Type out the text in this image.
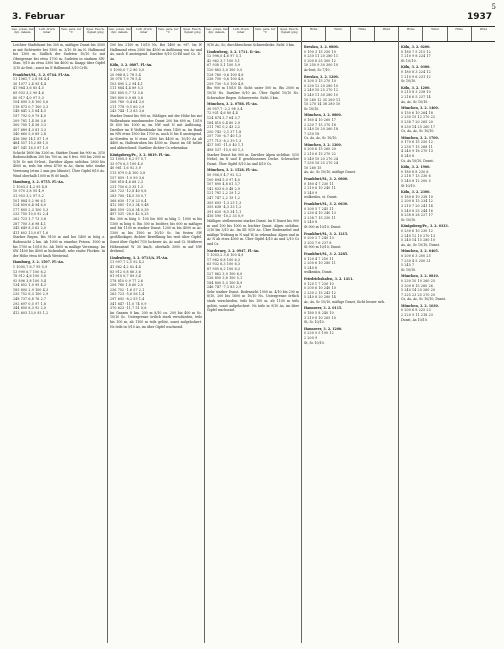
5
3. Februar	1937
Geo- poten- tial dyn. dekam.
Luft- druck mbar
Tem- pera- tur °C
Spez. Feuch- tigkeit g/kg
Leichter Stadtdunst bis 300 m, mäßiger Dunst bis 3500 m mit Sichtweite bei 1500 m. 3/10 St im N. Halbmond bei 1300 m. Südlich der Sudeten 10/10 Sc mit Obergrenze bei etwa 1700 m, Sudeten in starkem SW-Stau. 9/10 As etwa 3300 bis 4600 m. Knapp über Gipfel 3/10 Ac-leut., sonst im E Halbmond 3/10 Ci-Ei.
Frankfurt/M., 3. 2. 0744. Fl.-An.
11 1061,7 2,8 94 4,4
30 1077 2,4 95 4,4
41 964 3,6 85 4,5
65 933 3,2 90 4,6
80 917 4,0 97 5,3
104 890 3,8 100 5,6
118 873 0,7 100 3,3
148 841 2,5 84 4,5
197 792 0,9 79 4,0
209 781 1,4 56 3,6
300 700 1,4 56 3,3
307 689 4,3 81 3,3
340 660 5,0 89 2,8
436 580 14,1 87 1,9
464 557 15,2 88 1,0
487 541 16,5 87 1,0
Schicht 1600 bis 3200 m. Stärker Dunst bis 900 m. 3/10 Bodenschiftcm 200 bis 700 m, im S frei. 900 bis 2000 m 5/10 Sc mit St-leut., Darüber Alpen sichtbar. 2800 bis 4000 m, teils bis etwa 4700 m Ac, darin sehr starke Vereisung (etwa 2 mm pro Minute). Über Gipfel 8/10 As. Wind oberhalb 1000 m W 60 km/h.
Hamburg, 3. 2. 0755. Fl.-An.
1 1003,5 4,2 95 4,8
10 970 3,8 95 4,9
31 953 3,2 97 5,2
101 884 5,2 96 6,1
124 859 6,4 94 6,0
177 805 2,3 100 5,3
233 750 10,0 92 2,4
262 723 1,7 73 3,8
287 700 3,6 98 4,1
345 649 8,3 62 2,0
411 602 13,0 67 1,6
Starker Regen. Bis 9100 m und bei 1400 m böig z. Bodensicht 2 km. Ab 1000 m einzelne Fetzen. 1000 m bis 1700 m 10/10 Sc. Ab 1800 m mäßige Vereisung. Im SW 1400 bis 4000 m lückenhaft, sehr rauhe Flocken. In der Höhe etwa 60 km/h Westwind.
Hamburg, 3. 2. 1507. Fl.-An.
1 1005,7 6,7 95 5,9
13 990 6,7 100 6,2
78 912 4,6 100 5,8
92 896 3,8 100 5,4
134 852 1,0 95 4,3
185 800 2,9 100 4,3
235 752 6,3 100 2,9
248 737 6,8 76 2,7
292 697 0,5 97 1,8
344 650 6,3 92 2,0
412 603 13,0 93 1,2
Geo- poten- tial dyn. dekam.
Luft- druck mbar
Tem- pera- tur °C
Spez. Feuch- tigkeit g/kg
100 bis 2100 m 10/10 Ns. Bei 1400 m +8°. Im W Halbmond etwa 2500 bis 4500 m Auflösung von Ac und As, nach E ansteigend. Darüber 8/10 Ci-Eil und Cs. D.-An.
Köln, 3. 2. 0807. Fl.-An.
5 1005,0 7,2 80 5,0
20 988 8,2 78 5,4
30 978 7,9 78 5,4
103 890 2,2 94 4,1
111 884 4,4 89 5,3
183 805 0,7 73 3,6
189 800 0,0 68 3,6
208 780 -0,4 64 3,0
211 778 -0,1 60 2,9
243 744 -1,3 83 3,6
Starker Dunst bis 900 m, Mäßiger, mit der Höhe bis zur Wolkenbasis zunehmender Dunst 200 bis 600 m. 10/10 St 650 bis 1000 m, im NW und N mit Auflösung. Darüber im E Wolkenbänke bis etwa 1400 m. Im Bank im NW etwa 1500 bis 1700 m, nach N bis E ansteigend. Ac-Streifen in N etwa 3500 bis 4400 m. 10/10 As ab 4400 m, Hallentruhen bis 4500 m. Dunst im SE heller und abbrechend. Darüber dichter Cs erkennbar.
Königsberg/Pr., 3. 2. 0819. Fl.-An.
13 1005,5 6,2 97 5,7
33 970 6,3 100 4,0
40 961 1,6 92 3,9
113 879 0,4 100 3,8
157 859 -1,0 99 3,6
168 818 4,6 68 2,3
231 750 6,3 35 1,3
263 723 -12,8 40 0,8
283 700 -14,5 30 0,7
368 630 -17,8 23 0,4
412 581 -19,3 34 0,48
468 559 -23,6 34 0,39
497 531 -28,0 42 0,25
Bis 300 m böig 5. 100 bis 800 m böig 1. 1000 m bis 1300 m böig 6. Bis 300 m leichter, bis 600 m mäßiger und bis 1100 m starker Dunst. 1200 m bis 4000 m Ac. 1300 m bis 1500 m 10/10 Sc. Im festen SW großflockiger, dichter Bewölkung bis weit über Gipfel. Sonst über Gipfel 7/10 lockerer As, Ac und Ci. Mittlerer Höhenwind W 30 km/h, oberhalb 3000 m auf NW drehend.
Lindenberg, 3. 2. 0713/A. Fl.-An.
11 997,7 2,5 92 4,2
41 962 4,2 82 4,4
83 912 0,8 86 3,6
81 910 0,7 89 3,4
178 810 0,9 77 2,6
208 780 1,8 60 2,0
236 752 -1,6 57 2,1
263 723 -5,6 56 1,4
297 692 -8,2 55 1,4
341 647 -11,0 74 0,9
370 623 -11,7 51 0,6
Im Ganzen 8 km. 200 m 8/10 cu. 200 bis 400 m Sc. 10/10 Sc. Untergrenze örtlich stark verschieden, teils bis 100 m, ab 1100 m teils gelöst, sonst aufgelockert. Ns teile in 9/10 As, im über Gipfel wachsend.
Geo- poten- tial dyn. dekam.
Luft- druck mbar
Tem- pera- tur °C
Spez. Feuch- tigkeit g/kg
9/10 Ac, Sc; durchbrochene Schneedecke. Sicht 3 km.
Lindenberg, 3. 2. 1711. D.-An.
12 996,0 4,6 97 5,1
42 962 3,7 100 5,1
67 938 5,1 100 5,9
120 863 3,0 100 5,5
128 760 -0,6 100 4,8
236 750 -0,6 100 4,6
259 730 -5,0 100 4,8
Bis 900 m 10/10 St. Sicht unter 500 m. Bis 2000 m 10/10 Ns. Darüber 8/10 As. Über Gipfel 10/10 Ns. Schwacher Regen. Schneereste. Sicht 3 km.
München, 3. 2. 0788. Fl.-An.
30 957,7 -2,2 98 3,4
72 931 4,6 80 4,4
124 874 3,7 64 3,7
184 810 0,4 60 2,9
211 781 0,2 43 2,2
250 743 -2,1 37 1,8
257 730 -6,7 40 1,5
277 713 -8,2 39 1,3
427 591 -11,0 40 1,1
498 537 -15,0 60 1,3
Starker Dunst bis 900 m. Darüber Alpen sichtbar. 5/10 Nebel, im N und E geschlossenes Decke. Schwacher Dunst. Über Gipfel 8/10 As und 4/10 Cs.
München, 3. 2. 1528. Fl.-An.
50 956,5 4,7 92 5,2
100 894 5,0 97 4,0
107 890 4,8 61 3,7
142 833 6,0 48 2,9
121 781 2,2 29 1,2
247 747 2,2 19 1,2
305 693 -1,3 25 1,3
355 638 -4,3 33 1,2
391 620 -8,5 34 1,1
416 590 -10,2 33 0,9
Mäßiger, stellenweise starker Dunst. Im E Dunst bis 900 m und 100 bis 1000 m leichter Dunst. Alpen sichtbar. 2/10 bis 3/10 Ac. Im SE 9/10 Ac. Über Bodennebel und mäßige Trübung in N und W, in erkennbar. Alpen und in Ac N ab etwa 4000 m. Über Gipfel 4/10 As und 2/10 Cs und Cs.
Norderney, 3. 2. 0947. Fl.-An.
1 1003,2 3,6 100 4,9
17 982 6,8 100 6,3
63 932 6,3 100 6,3
87 905 6,2 100 6,3
127 862 3,9 100 6,0
136 850 3,8 100 5,1
184 800 5,3 100 4,9
246 747 -7,1 83 2,9
Sehr starker Dunst. Bodensicht 1000 m. 4/10 bis 200 m 8/10, 200 bis 1600 m 10/10 Ns. Untergrenze örtlich stark verschieden, teils bis 100 m, ab 1100 m teils gelöst, sonst aufgelockert. Ns teile in 9/10 As, im über Gipfel wachsend.
Höhe	Wind	Höhe	Wind
Breslau, 3. 2. 0800.
0 190 3 15 250 10
0 230 11 20 280 11
5 200 8 25 300 12
10 250 9 30 300 10
Ac-leut, Sc 7/10.
Breslau, 3. 2. 1200.
0 200 3 15 270 10
0 230 12 20 280 10
2 240 10 25 270 12
5 240 11 30 280 10
10 260 12 35 260 11
15 270 14 38 280 10
Sc 10/10.
München, 3. 2. 0800.
0 160 4 10 260 17
2 230 7 15 270 18
5 240 10 20 260 18
7 250 18
Cs, As, Ac, Sc 10/10.
München, 3. 2. 1200.
0 200 6 15 260 20
2 210 6 15 270 22
5 240 10 20 270 24
7 250 16 25 270 24
10 260 15
As, Ac, Sc 10/10, mäßige Dunst.
Frankfurt/M., 3. 2. 0800.
0 180 4 7 230 11
2 210 6 10 240 11
5 240 9
wolkenlos, st. Dunst.
Frankfurt/M., 3. 2. 0630.
0 200 5 7 245 11
2 230 4 10 240 13
3 238 7 15 250 11
5 240 8
St 900 m 10/10, Dunst.
Frankfurt/M., 3. 2. 1215.
0 200 3 7 240 13
3 203 7 6 237 8
St 900 m 10/10, Dunst.
Frankfurt/M., 3. 2. 2285.
0 120 4 7 250 11
2 200 6 10 280 11
5 240 8
wolkenlos, Dunst.
Friedrichshafen, 3. 2. 1411.
0 120 1 7 230 10
0 200 6 10 240 10
2 230 2 15 243 12
5 240 8 20 280 14
Ac, As, Sc 10/10, mäßige Dunst, Sicht besser sich.
Hannover, 3. 2. 0115.
0 180 5 8 240 10
3 210 8 10 265 10
St, Sc 10/10.
Hannover, 3. 2. 1200.
0 230 5 5 190 12
2 200 9
St, Sc 10/10.
Höhe	Wind	Höhe	Wind
Köln, 3. 2. 0200.
0 180 7 5 215 12
1 210 9 8 224 17
St 10/10.
Köln, 3. 2. 0300.
0 180 8 3 224 12
1 210 9 6 231 12
Sc 10/10.
Köln, 3. 2. 1200.
0 210 8 3 238 10
2 216 6 5 237 14
As, Ac, Sc 10/10.
München, 3. 2. 1400.
0 150 6 10 264 18
2 230 15 12 270 22
5 238 7 20 265 20
8 230 14 25 260 17
Cs, As, Ac, Sc 10/10.
München, 3. 2. 1700.
0 170 6 15 250 12
2 230 7 15 268 11
4 240 9 18 270 13
8 240 8
Cs, As 10/10, Dunst.
Köln, 3. 2. 1900.
0 180 8 8 230 6
2 218 7 13 230 6
5 240 8 12 200 5
St 10/10.
Köln, 3. 2. 2300.
0 180 6 10 238 10
2 200 8 15 234 12
3 210 7 20 241 14
5 240 8 25 244 16
8 238 8 28 227 17
Sc 10/10.
Königsberg/Pr., 3. 2. 0333.
0 230 6 10 230 12
2 240 12 10 270 13
5 240 14 15 280 10
As, Ac, Sc 10/10, Dunst.
München, 3. 2. 0405.
0 200 6 3 200 25
7 230 4 5 200 21
5 245 7
Sc 10/10.
München, 3. 2. 0810.
0 230 10 10 260 25
3 200 8 15 260 26
5 240 14 20 260 20
7 225 23 25 270 20
Cs, As, Ac, Sc 10/10, Dunst.
München, 3. 2. 1030.
0 200 6 8 225 23
2 220 9 11 218 23
Dunst, As 10/10.
